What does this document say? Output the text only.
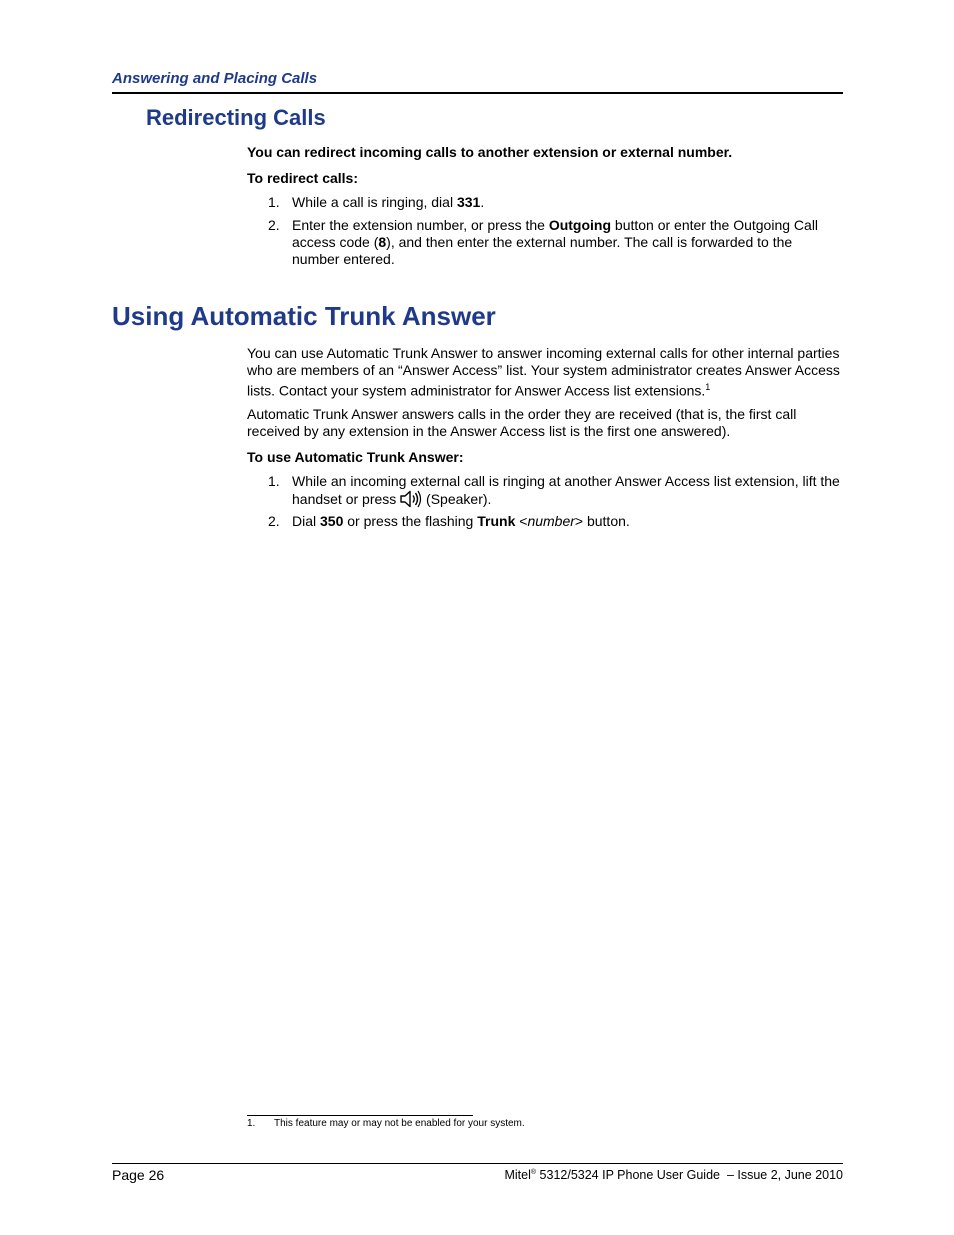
Answering and Placing Calls
Redirecting Calls
You can redirect incoming calls to another extension or external number.
To redirect calls:
1. While a call is ringing, dial 331.
2. Enter the extension number, or press the Outgoing button or enter the Outgoing Call access code (8), and then enter the external number. The call is forwarded to the number entered.
Using Automatic Trunk Answer
You can use Automatic Trunk Answer to answer incoming external calls for other internal parties who are members of an “Answer Access” list. Your system administrator creates Answer Access lists. Contact your system administrator for Answer Access list extensions.$^1$
Automatic Trunk Answer answers calls in the order they are received (that is, the first call received by any extension in the Answer Access list is the first one answered).
To use Automatic Trunk Answer:
1. While an incoming external call is ringing at another Answer Access list extension, lift the handset or press  (Speaker).
2. Dial 350 or press the flashing Trunk <number> button.
1. This feature may or may not be enabled for your system.
Page 26	Mitel® 5312/5324 IP Phone User Guide  – Issue 2, June 2010
